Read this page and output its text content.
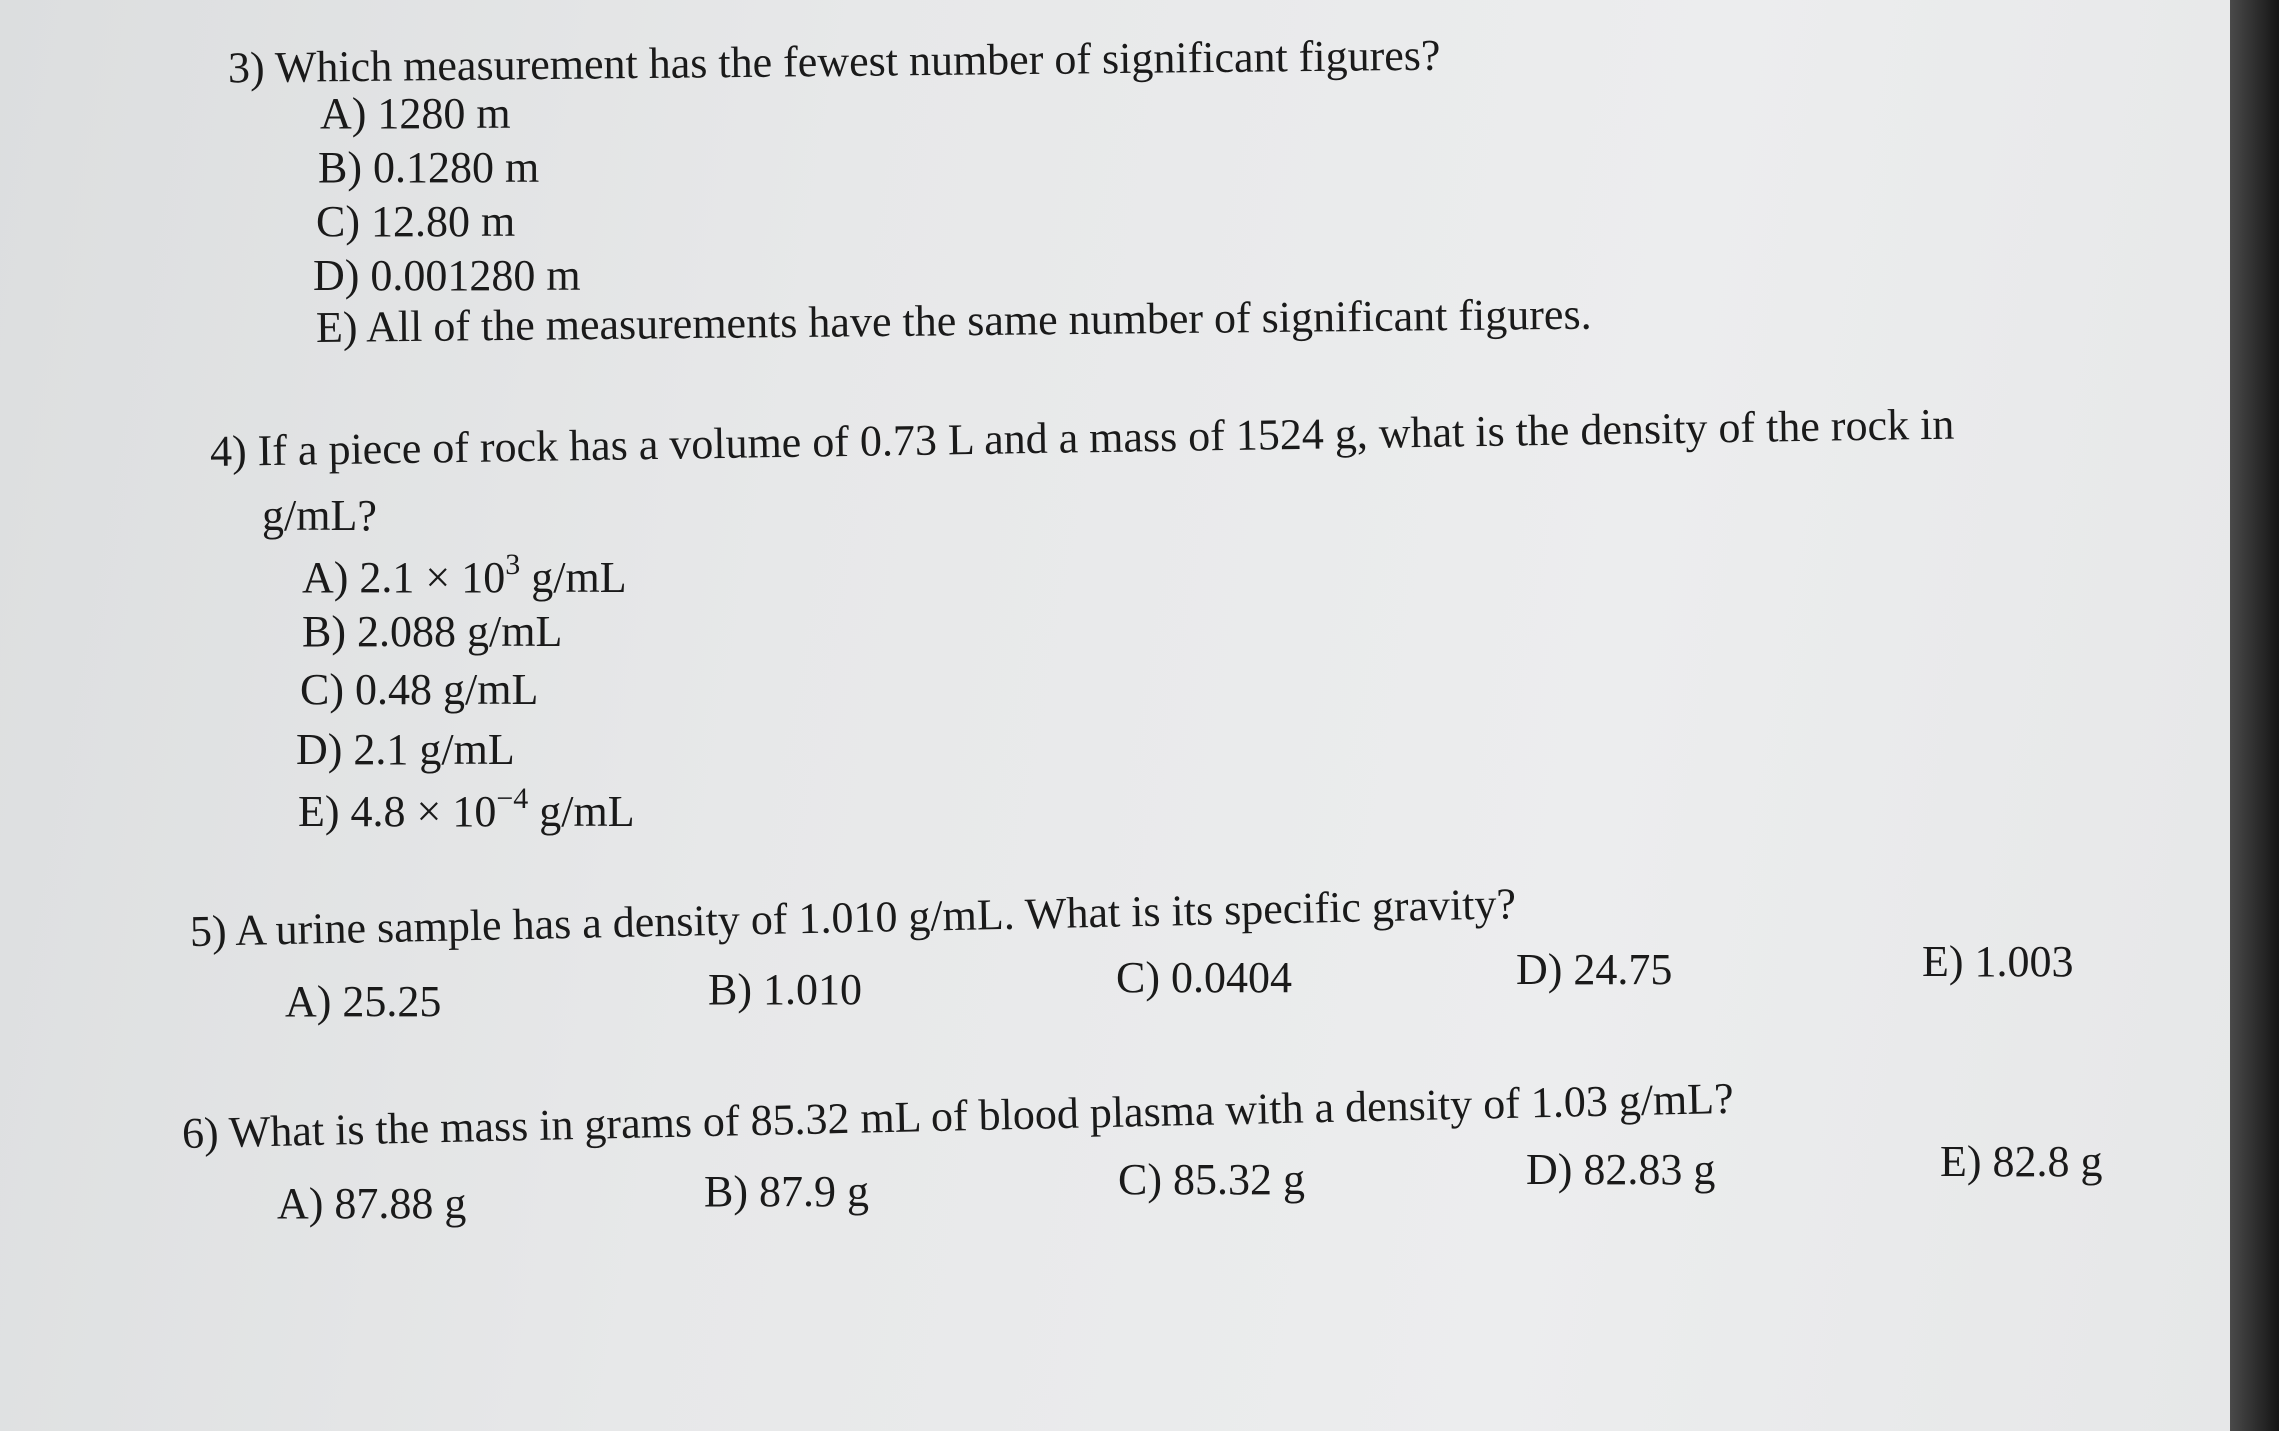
3) Which measurement has the fewest number of significant figures?
A) 1280 m
B) 0.1280 m
C) 12.80 m
D) 0.001280 m
E) All of the measurements have the same number of significant figures.
4) If a piece of rock has a volume of 0.73 L and a mass of 1524 g, what is the density of the rock in
g/mL?
A) $2.1 \times 10^3$ g/mL
B) 2.088 g/mL
C) 0.48 g/mL
D) 2.1 g/mL
E) $4.8 \times 10^{-4}$ g/mL
5) A urine sample has a density of 1.010 g/mL. What is its specific gravity?
A) 25.25	B) 1.010	C) 0.0404	D) 24.75	E) 1.003
6) What is the mass in grams of 85.32 mL of blood plasma with a density of 1.03 g/mL?
A) 87.88 g	B) 87.9 g	C) 85.32 g	D) 82.83 g	E) 82.8 g
